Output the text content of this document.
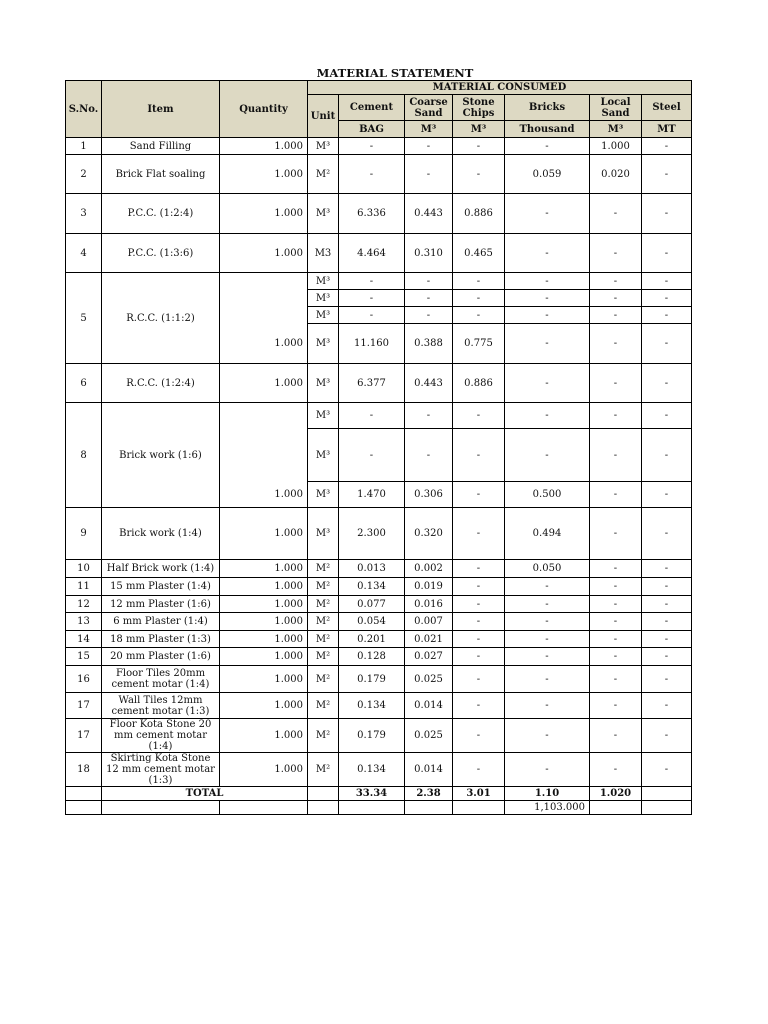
MATERIAL STATEMENT
S.No.	Item	Quantity	MATERIAL CONSUMED						
			Unit	Cement	Coarse Sand	Stone Chips	Bricks	Local Sand	Steel
				BAG	M³	M³	Thousand	M³	MT
1	Sand Filling	1.000	M³	-	-	-	-	1.000	-
2	Brick Flat soaling	1.000	M²	-	-	-	0.059	0.020	-
3	P.C.C. (1:2:4)	1.000	M³	6.336	0.443	0.886	-	-	-
4	P.C.C. (1:3:6)	1.000	M3	4.464	0.310	0.465	-	-	-
5	R.C.C. (1:1:2)		M³	-	-	-	-	-	-
			M³	-	-	-	-	-	-
			M³	-	-	-	-	-	-
		1.000	M³	11.160	0.388	0.775	-	-	-
6	R.C.C. (1:2:4)	1.000	M³	6.377	0.443	0.886	-	-	-
8	Brick work (1:6)		M³	-	-	-	-	-	-
			M³	-	-	-	-	-	-
		1.000	M³	1.470	0.306	-	0.500	-	-
9	Brick work (1:4)	1.000	M³	2.300	0.320	-	0.494	-	-
10	Half Brick work (1:4)	1.000	M²	0.013	0.002	-	0.050	-	-
11	15 mm Plaster (1:4)	1.000	M²	0.134	0.019	-	-	-	-
12	12 mm Plaster (1:6)	1.000	M²	0.077	0.016	-	-	-	-
13	6 mm Plaster (1:4)	1.000	M²	0.054	0.007	-	-	-	-
14	18 mm Plaster (1:3)	1.000	M²	0.201	0.021	-	-	-	-
15	20 mm Plaster (1:6)	1.000	M²	0.128	0.027	-	-	-	-
16	Floor Tiles 20mm cement motar (1:4)	1.000	M²	0.179	0.025	-	-	-	-
17	Wall Tiles 12mm cement motar (1:3)	1.000	M²	0.134	0.014	-	-	-	-
17	Floor Kota Stone 20 mm cement motar (1:4)	1.000	M²	0.179	0.025	-	-	-	-
18	Skirting Kota Stone 12 mm cement motar (1:3)	1.000	M²	0.134	0.014	-	-	-	-
	TOTAL			33.34	2.38	3.01	1.10	1.020	
							1,103.000		
